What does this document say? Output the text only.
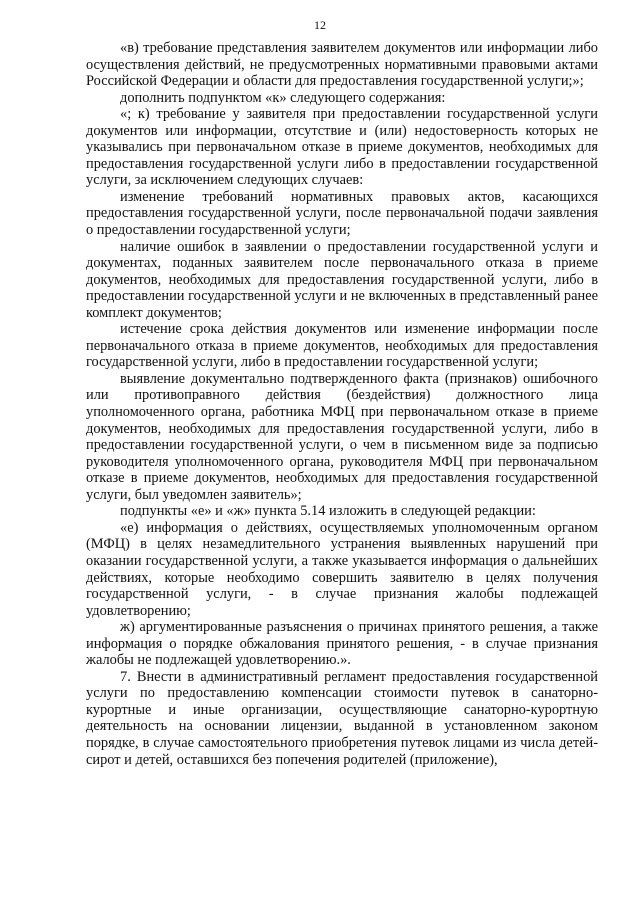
12

«в) требование представления заявителем документов или информации либо осуществления действий, не предусмотренных нормативными правовыми актами Российской Федерации и области для предоставления государственной услуги;»;

дополнить подпунктом «к» следующего содержания:

«; к) требование у заявителя при предоставлении государственной услуги документов или информации, отсутствие и (или) недостоверность которых не указывались при первоначальном отказе в приеме документов, необходимых для предоставления государственной услуги либо в предоставлении государственной услуги, за исключением следующих случаев:

изменение требований нормативных правовых актов, касающихся предоставления государственной услуги, после первоначальной подачи заявления о предоставлении государственной услуги;

наличие ошибок в заявлении о предоставлении государственной услуги и документах, поданных заявителем после первоначального отказа в приеме документов, необходимых для предоставления государственной услуги, либо в предоставлении государственной услуги и не включенных в представленный ранее комплект документов;

истечение срока действия документов или изменение информации после первоначального отказа в приеме документов, необходимых для предоставления государственной услуги, либо в предоставлении государственной услуги;

выявление документально подтвержденного факта (признаков) ошибочного или противоправного действия (бездействия) должностного лица уполномоченного органа, работника МФЦ при первоначальном отказе в приеме документов, необходимых для предоставления государственной услуги, либо в предоставлении государственной услуги, о чем в письменном виде за подписью руководителя уполномоченного органа, руководителя МФЦ при первоначальном отказе в приеме документов, необходимых для предоставления государственной услуги, был уведомлен заявитель»;

подпункты «е» и «ж» пункта 5.14 изложить в следующей редакции:

«е) информация о действиях, осуществляемых уполномоченным органом (МФЦ) в целях незамедлительного устранения выявленных нарушений при оказании государственной услуги, а также указывается информация о дальнейших действиях, которые необходимо совершить заявителю в целях получения государственной услуги, - в случае признания жалобы подлежащей удовлетворению;

ж) аргументированные разъяснения о причинах принятого решения, а также информация о порядке обжалования принятого решения, - в случае признания жалобы не подлежащей удовлетворению.».

7. Внести в административный регламент предоставления государственной услуги по предоставлению компенсации стоимости путевок в санаторно-курортные и иные организации, осуществляющие санаторно-курортную деятельность на основании лицензии, выданной в установленном законом порядке, в случае самостоятельного приобретения путевок лицами из числа детей-сирот и детей, оставшихся без попечения родителей (приложение),
